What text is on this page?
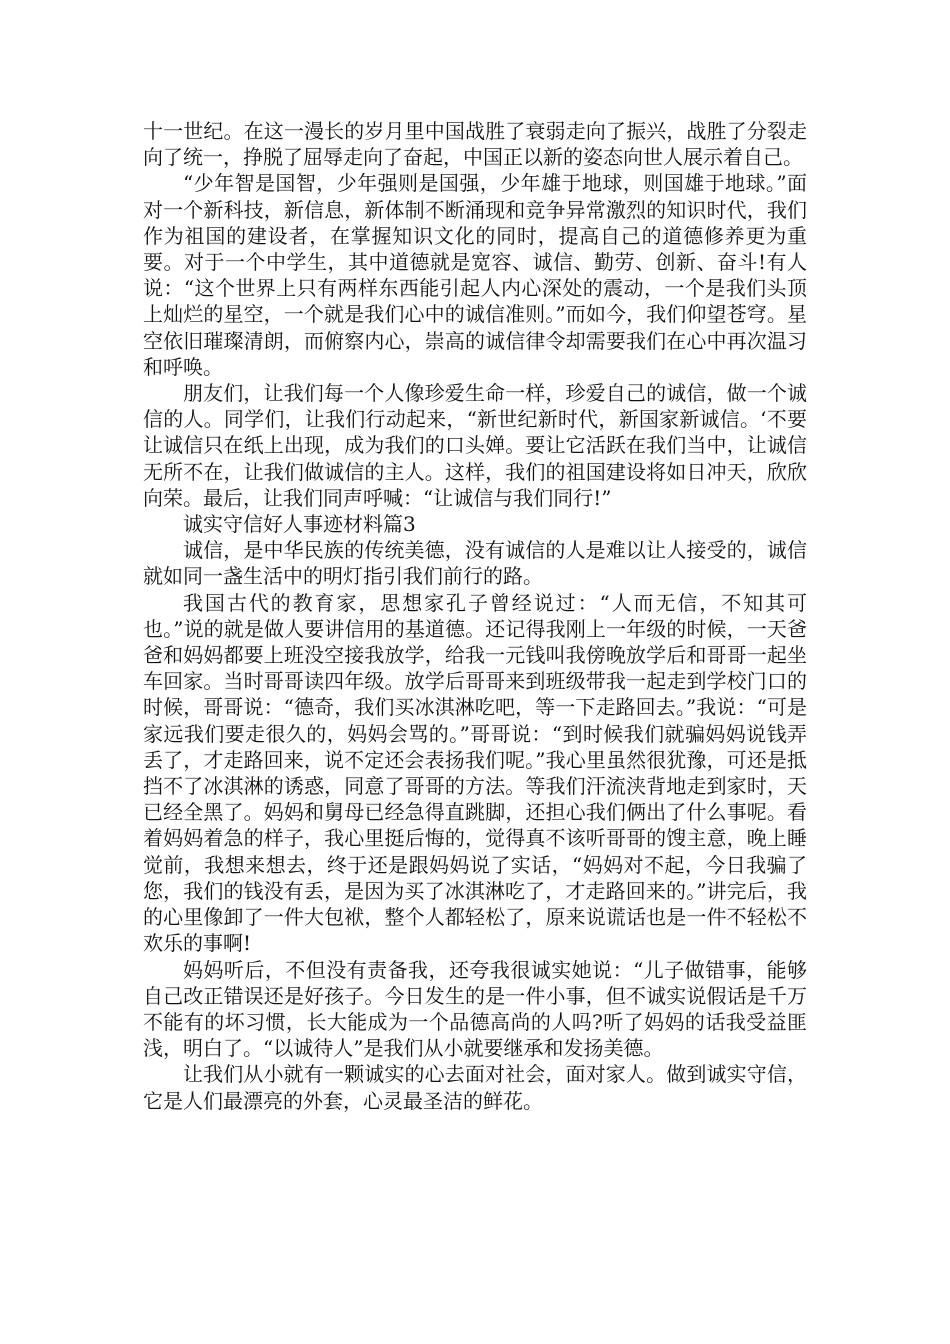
十一世纪。在这一漫长的岁月里中国战胜了衰弱走向了振兴，战胜了分裂走向了统一，挣脱了屈辱走向了奋起，中国正以新的姿态向世人展示着自己。

“少年智是国智，少年强则是国强，少年雄于地球，则国雄于地球。”面对一个新科技，新信息，新体制不断涌现和竞争异常激烈的知识时代，我们作为祖国的建设者，在掌握知识文化的同时，提高自己的道德修养更为重要。对于一个中学生，其中道德就是宽容、诚信、勤劳、创新、奋斗!有人说：“这个世界上只有两样东西能引起人内心深处的震动，一个是我们头顶上灿烂的星空，一个就是我们心中的诚信准则。”而如今，我们仰望苍穹。星空依旧璀璨清朗，而俯察内心，崇高的诚信律令却需要我们在心中再次温习和呼唤。

朋友们，让我们每一个人像珍爱生命一样，珍爱自己的诚信，做一个诚信的人。同学们，让我们行动起来，“新世纪新时代，新国家新诚信。‘不要让诚信只在纸上出现，成为我们的口头婵。要让它活跃在我们当中，让诚信无所不在，让我们做诚信的主人。这样，我们的祖国建设将如日冲天，欣欣向荣。最后，让我们同声呼喊：“让诚信与我们同行!”

诚实守信好人事迹材料篇3

诚信，是中华民族的传统美德，没有诚信的人是难以让人接受的，诚信就如同一盏生活中的明灯指引我们前行的路。

我国古代的教育家，思想家孔子曾经说过：“人而无信，不知其可也。”说的就是做人要讲信用的基道德。还记得我刚上一年级的时候，一天爸爸和妈妈都要上班没空接我放学，给我一元钱叫我傍晚放学后和哥哥一起坐车回家。当时哥哥读四年级。放学后哥哥来到班级带我一起走到学校门口的时候，哥哥说：“德奇，我们买冰淇淋吃吧，等一下走路回去。”我说：“可是家远我们要走很久的，妈妈会骂的。”哥哥说：“到时候我们就骗妈妈说钱弄丢了，才走路回来，说不定还会表扬我们呢。”我心里虽然很犹豫，可还是抵挡不了冰淇淋的诱惑，同意了哥哥的方法。等我们汗流浃背地走到家时，天已经全黑了。妈妈和舅母已经急得直跳脚，还担心我们俩出了什么事呢。看着妈妈着急的样子，我心里挺后悔的，觉得真不该听哥哥的馊主意，晚上睡觉前，我想来想去，终于还是跟妈妈说了实话，“妈妈对不起，今日我骗了您，我们的钱没有丢，是因为买了冰淇淋吃了，才走路回来的。”讲完后，我的心里像卸了一件大包袱，整个人都轻松了，原来说谎话也是一件不轻松不欢乐的事啊!

妈妈听后，不但没有责备我，还夸我很诚实她说：“儿子做错事，能够自己改正错误还是好孩子。今日发生的是一件小事，但不诚实说假话是千万不能有的坏习惯，长大能成为一个品德高尚的人吗?听了妈妈的话我受益匪浅，明白了。“以诚待人”是我们从小就要继承和发扬美德。

让我们从小就有一颗诚实的心去面对社会，面对家人。做到诚实守信，它是人们最漂亮的外套，心灵最圣洁的鲜花。
